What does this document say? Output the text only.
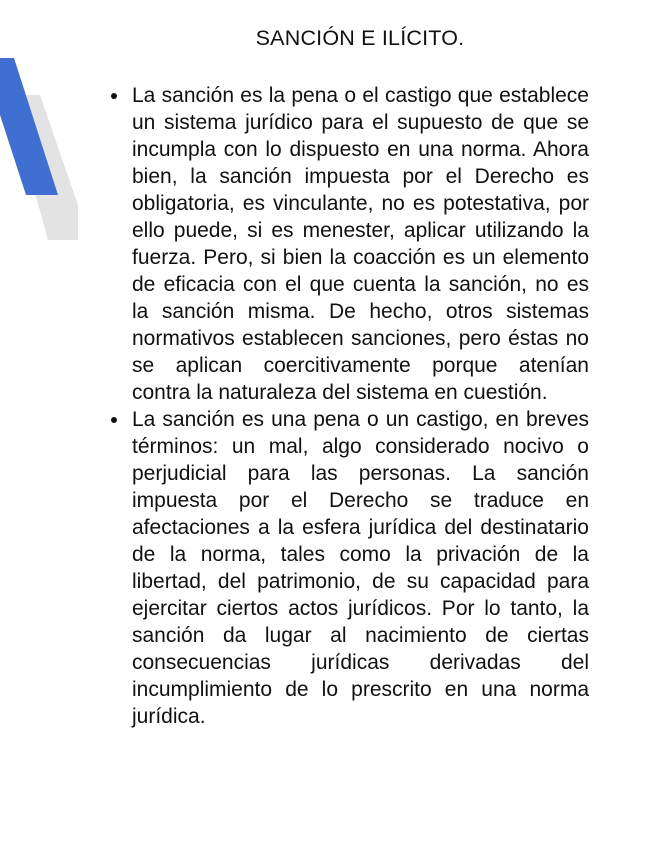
SANCIÓN E ILÍCITO.
La sanción es la pena o el castigo que establece un sistema jurídico para el supuesto de que se incumpla con lo dispuesto en una norma. Ahora bien, la sanción impuesta por el Derecho es obligatoria, es vinculante, no es potestativa, por ello puede, si es menester, aplicar utilizando la fuerza. Pero, si bien la coacción es un elemento de eficacia con el que cuenta la sanción, no es la sanción misma. De hecho, otros sistemas normativos establecen sanciones, pero éstas no se aplican coercitivamente porque atenían contra la naturaleza del sistema en cuestión.
La sanción es una pena o un castigo, en breves términos: un mal, algo considerado nocivo o perjudicial para las personas. La sanción impuesta por el Derecho se traduce en afectaciones a la esfera jurídica del destinatario de la norma, tales como la privación de la libertad, del patrimonio, de su capacidad para ejercitar ciertos actos jurídicos. Por lo tanto, la sanción da lugar al nacimiento de ciertas consecuencias jurídicas derivadas del incumplimiento de lo prescrito en una norma jurídica.
